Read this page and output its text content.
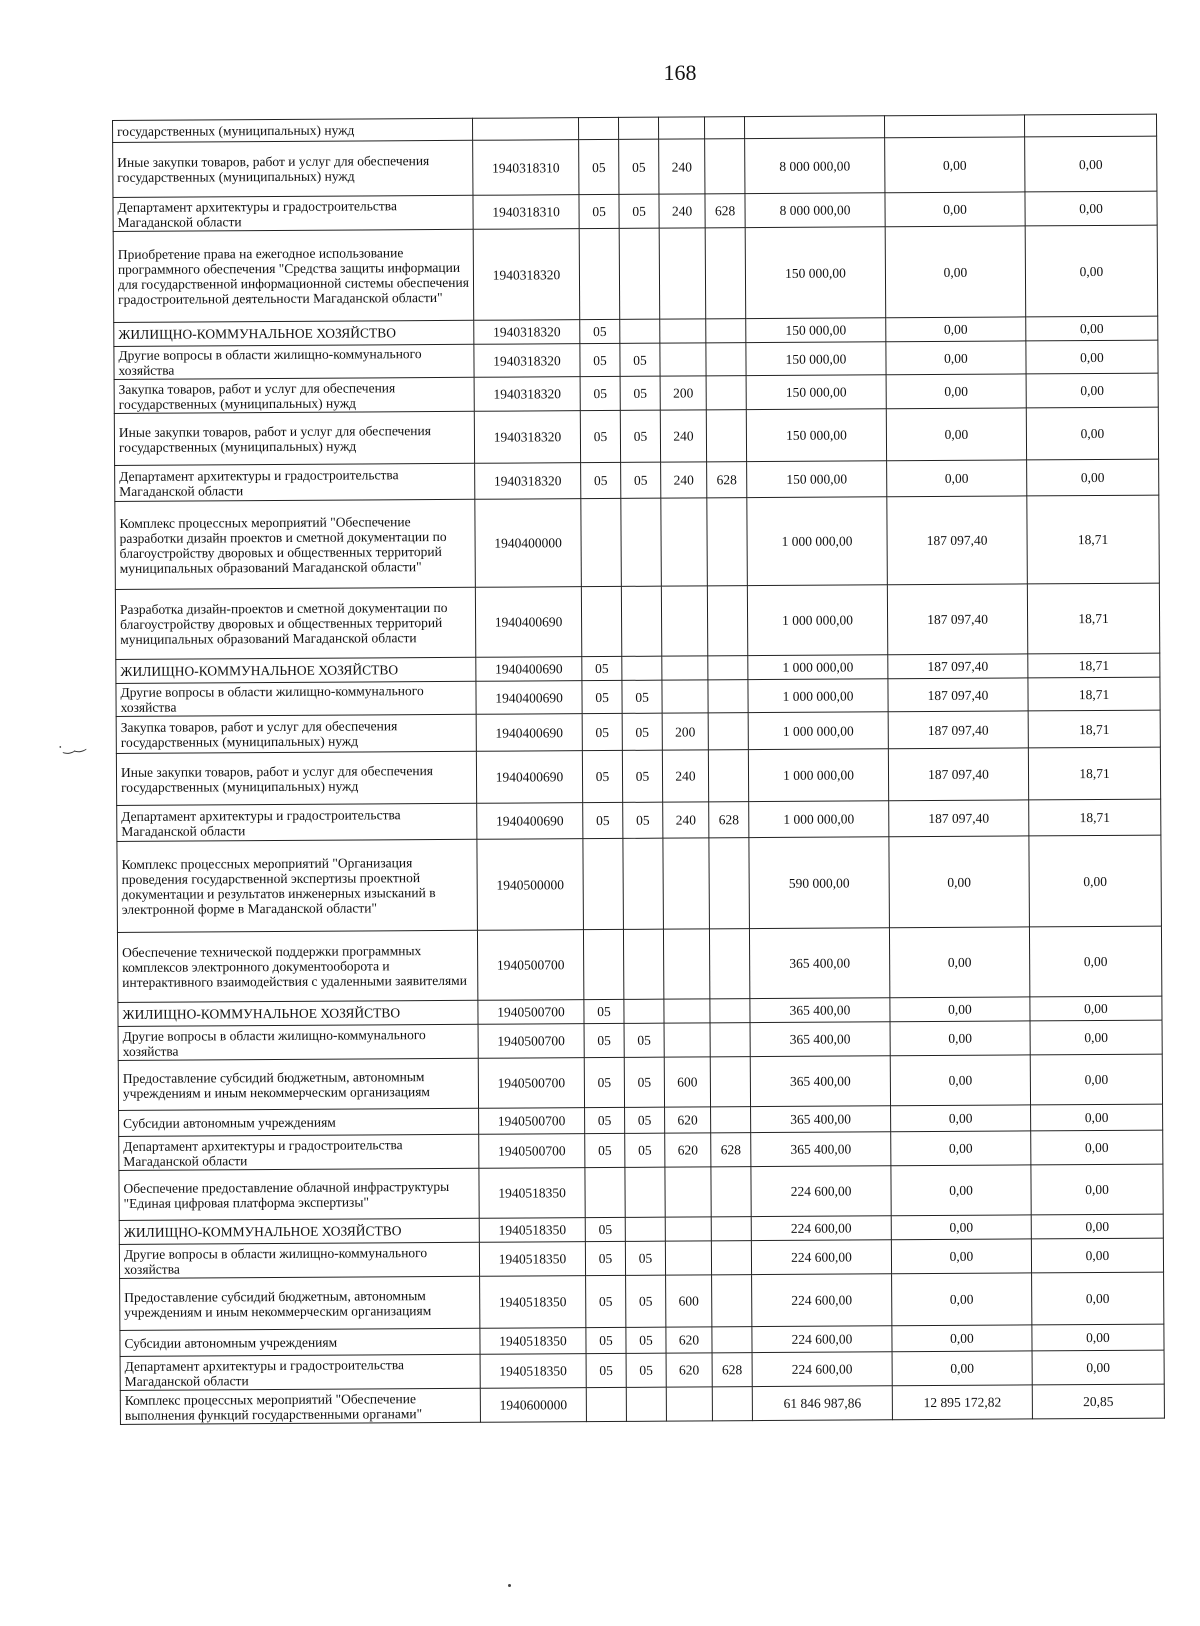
168
·‿‿
государственных (муниципальных) нужд								
Иные закупки товаров, работ и услуг для обеспечения государственных (муниципальных) нужд	1940318310	05	05	240		8 000 000,00	0,00	0,00
Департамент архитектуры и градостроительства Магаданской области	1940318310	05	05	240	628	8 000 000,00	0,00	0,00
Приобретение права на ежегодное использование программного обеспечения "Средства защиты информации для государственной информационной системы обеспечения градостроительной деятельности Магаданской области"	1940318320					150 000,00	0,00	0,00
ЖИЛИЩНО-КОММУНАЛЬНОЕ ХОЗЯЙСТВО	1940318320	05				150 000,00	0,00	0,00
Другие вопросы в области жилищно-коммунального хозяйства	1940318320	05	05			150 000,00	0,00	0,00
Закупка товаров, работ и услуг для обеспечения государственных (муниципальных) нужд	1940318320	05	05	200		150 000,00	0,00	0,00
Иные закупки товаров, работ и услуг для обеспечения государственных (муниципальных) нужд	1940318320	05	05	240		150 000,00	0,00	0,00
Департамент архитектуры и градостроительства Магаданской области	1940318320	05	05	240	628	150 000,00	0,00	0,00
Комплекс процессных мероприятий "Обеспечение разработки дизайн проектов и сметной документации по благоустройству дворовых и общественных территорий муниципальных образований Магаданской области"	1940400000					1 000 000,00	187 097,40	18,71
Разработка дизайн-проектов и сметной документации по благоустройству дворовых и общественных территорий муниципальных образований Магаданской области	1940400690					1 000 000,00	187 097,40	18,71
ЖИЛИЩНО-КОММУНАЛЬНОЕ ХОЗЯЙСТВО	1940400690	05				1 000 000,00	187 097,40	18,71
Другие вопросы в области жилищно-коммунального хозяйства	1940400690	05	05			1 000 000,00	187 097,40	18,71
Закупка товаров, работ и услуг для обеспечения государственных (муниципальных) нужд	1940400690	05	05	200		1 000 000,00	187 097,40	18,71
Иные закупки товаров, работ и услуг для обеспечения государственных (муниципальных) нужд	1940400690	05	05	240		1 000 000,00	187 097,40	18,71
Департамент архитектуры и градостроительства Магаданской области	1940400690	05	05	240	628	1 000 000,00	187 097,40	18,71
Комплекс процессных мероприятий "Организация проведения государственной экспертизы проектной документации и результатов инженерных изысканий в электронной форме в Магаданской области"	1940500000					590 000,00	0,00	0,00
Обеспечение технической поддержки программных комплексов электронного документооборота и интерактивного взаимодействия с удаленными заявителями	1940500700					365 400,00	0,00	0,00
ЖИЛИЩНО-КОММУНАЛЬНОЕ ХОЗЯЙСТВО	1940500700	05				365 400,00	0,00	0,00
Другие вопросы в области жилищно-коммунального хозяйства	1940500700	05	05			365 400,00	0,00	0,00
Предоставление субсидий бюджетным, автономным учреждениям и иным некоммерческим организациям	1940500700	05	05	600		365 400,00	0,00	0,00
Субсидии автономным учреждениям	1940500700	05	05	620		365 400,00	0,00	0,00
Департамент архитектуры и градостроительства Магаданской области	1940500700	05	05	620	628	365 400,00	0,00	0,00
Обеспечение предоставление облачной инфраструктуры "Единая цифровая платформа экспертизы"	1940518350					224 600,00	0,00	0,00
ЖИЛИЩНО-КОММУНАЛЬНОЕ ХОЗЯЙСТВО	1940518350	05				224 600,00	0,00	0,00
Другие вопросы в области жилищно-коммунального хозяйства	1940518350	05	05			224 600,00	0,00	0,00
Предоставление субсидий бюджетным, автономным учреждениям и иным некоммерческим организациям	1940518350	05	05	600		224 600,00	0,00	0,00
Субсидии автономным учреждениям	1940518350	05	05	620		224 600,00	0,00	0,00
Департамент архитектуры и градостроительства Магаданской области	1940518350	05	05	620	628	224 600,00	0,00	0,00
Комплекс процессных мероприятий "Обеспечение выполнения функций государственными органами"	1940600000					61 846 987,86	12 895 172,82	20,85
